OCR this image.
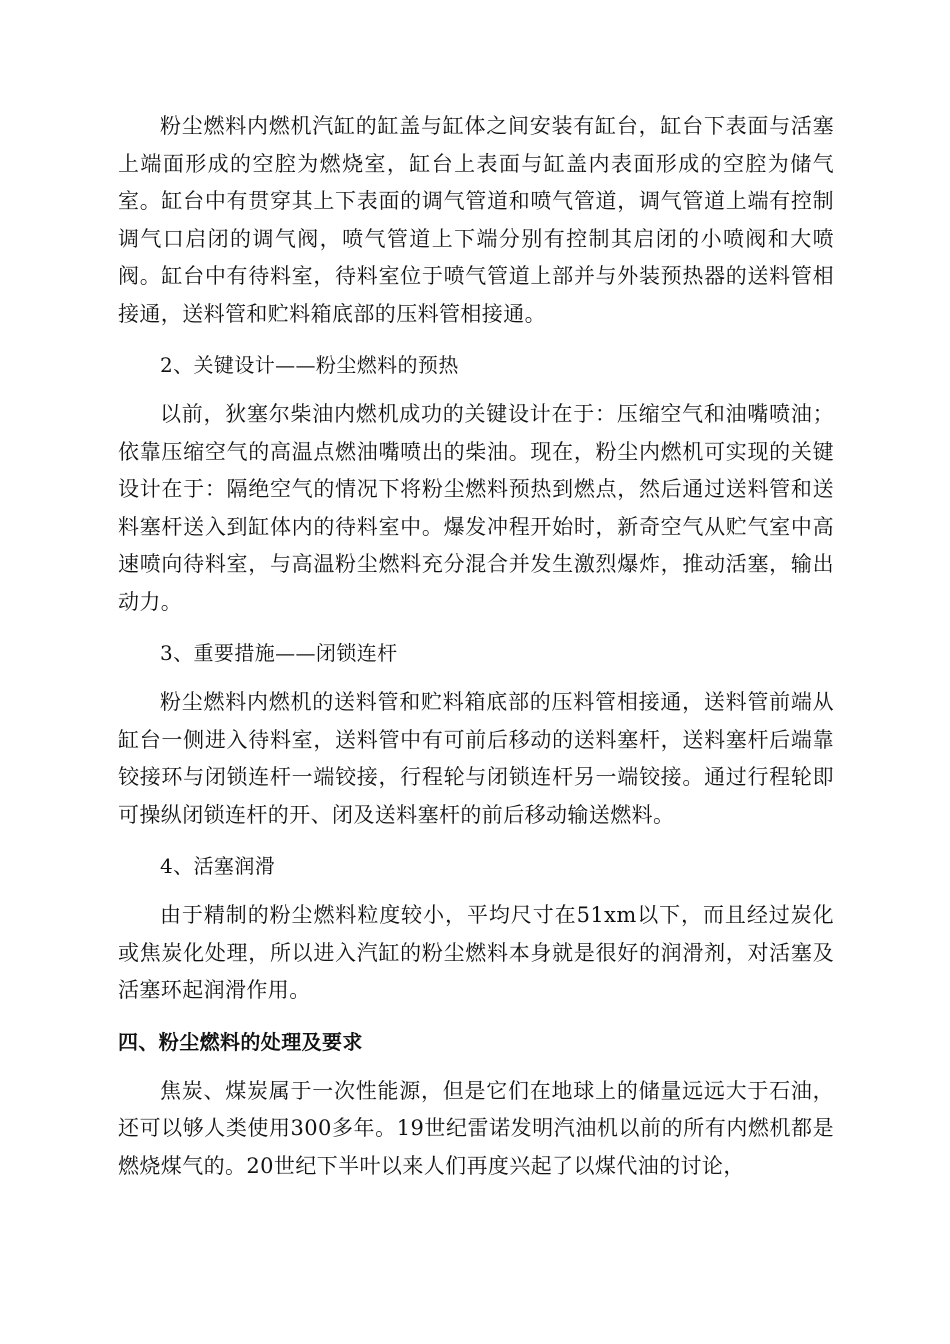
粉尘燃料内燃机汽缸的缸盖与缸体之间安装有缸台，缸台下表面与活塞上端面形成的空腔为燃烧室，缸台上表面与缸盖内表面形成的空腔为储气室。缸台中有贯穿其上下表面的调气管道和喷气管道，调气管道上端有控制调气口启闭的调气阀，喷气管道上下端分别有控制其启闭的小喷阀和大喷阀。缸台中有待料室，待料室位于喷气管道上部并与外装预热器的送料管相接通，送料管和贮料箱底部的压料管相接通。

2、关键设计——粉尘燃料的预热

以前，狄塞尔柴油内燃机成功的关键设计在于：压缩空气和油嘴喷油；依靠压缩空气的高温点燃油嘴喷出的柴油。现在，粉尘内燃机可实现的关键设计在于：隔绝空气的情况下将粉尘燃料预热到燃点，然后通过送料管和送料塞杆送入到缸体内的待料室中。爆发冲程开始时，新奇空气从贮气室中高速喷向待料室，与高温粉尘燃料充分混合并发生激烈爆炸，推动活塞，输出动力。

3、重要措施——闭锁连杆

粉尘燃料内燃机的送料管和贮料箱底部的压料管相接通，送料管前端从缸台一侧进入待料室，送料管中有可前后移动的送料塞杆，送料塞杆后端靠铰接环与闭锁连杆一端铰接，行程轮与闭锁连杆另一端铰接。通过行程轮即可操纵闭锁连杆的开、闭及送料塞杆的前后移动输送燃料。

4、活塞润滑

由于精制的粉尘燃料粒度较小，平均尺寸在51xm以下，而且经过炭化或焦炭化处理，所以进入汽缸的粉尘燃料本身就是很好的润滑剂，对活塞及活塞环起润滑作用。

四、粉尘燃料的处理及要求

焦炭、煤炭属于一次性能源，但是它们在地球上的储量远远大于石油，还可以够人类使用300多年。19世纪雷诺发明汽油机以前的所有内燃机都是燃烧煤气的。20世纪下半叶以来人们再度兴起了以煤代油的讨论，
